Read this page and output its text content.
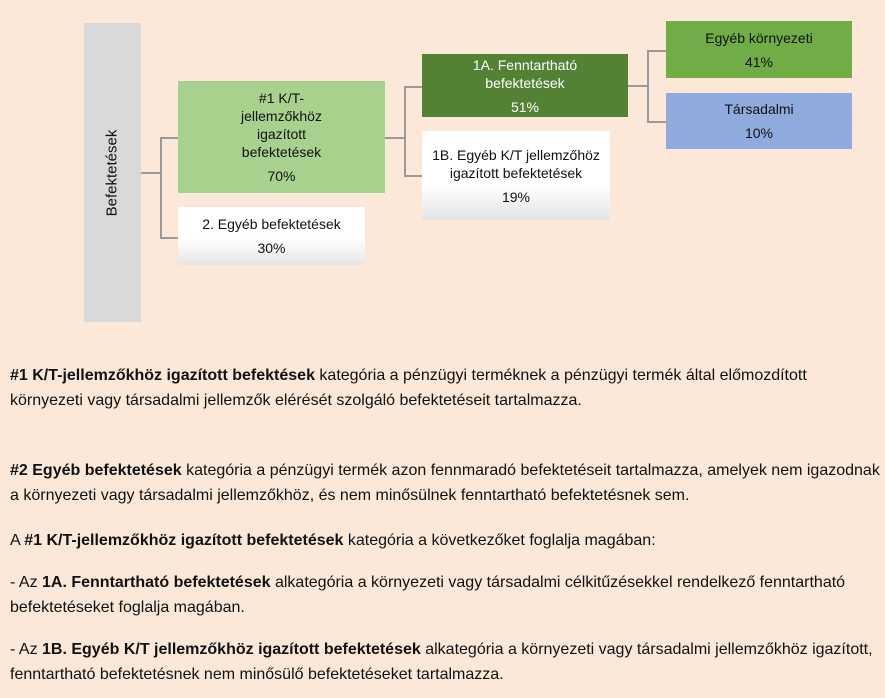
Befektetések
#1 K/T-
jellemzőkhöz
igazított
befektetések
70%
2. Egyéb befektetések
30%
1A. Fenntartható
befektetések
51%
1B. Egyéb K/T jellemzőhöz
igazított befektetések
19%
Egyéb környezeti
41%
Társadalmi
10%
#1 K/T-jellemzőkhöz igazított befektések kategória a pénzügyi terméknek a pénzügyi termék által előmozdított környezeti vagy társadalmi jellemzők elérését szolgáló befektetéseit tartalmazza.
#2 Egyéb befektetések kategória a pénzügyi termék azon fennmaradó befektetéseit tartalmazza, amelyek nem igazodnak a környezeti vagy társadalmi jellemzőkhöz, és nem minősülnek fenntartható befektetésnek sem.
A #1 K/T-jellemzőkhöz igazított befektetések kategória a következőket foglalja magában:
- Az 1A. Fenntartható befektetések alkategória a környezeti vagy társadalmi célkitűzésekkel rendelkező fenntartható befektetéseket foglalja magában.
- Az 1B. Egyéb K/T jellemzőkhöz igazított befektetések alkategória a környezeti vagy társadalmi jellemzőkhöz igazított, fenntartható befektetésnek nem minősülő befektetéseket tartalmazza.
